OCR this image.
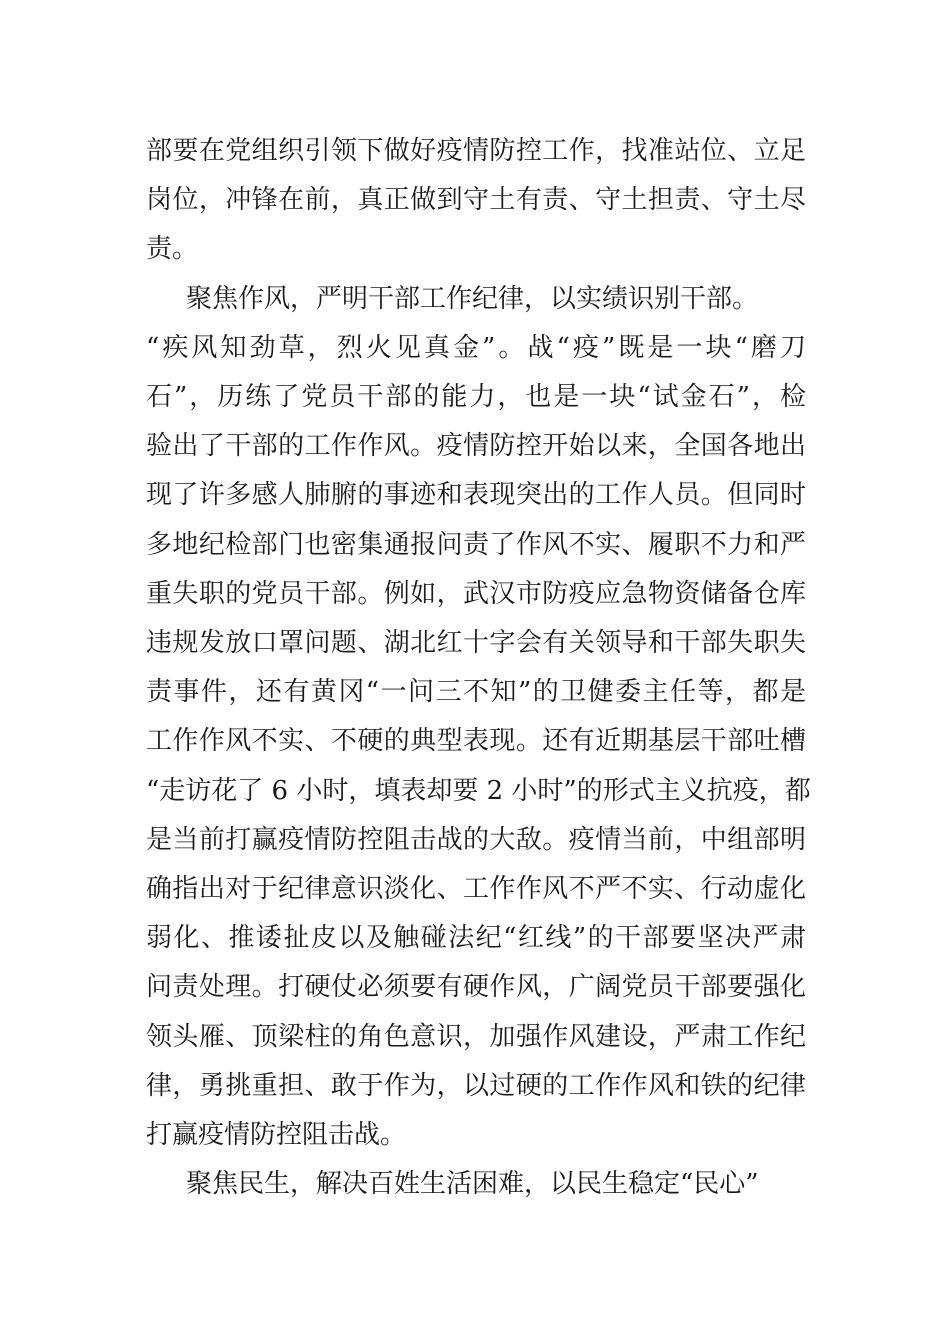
部要在党组织引领下做好疫情防控工作，找准站位、立足
岗位，冲锋在前，真正做到守土有责、守土担责、守土尽
责。

聚焦作风，严明干部工作纪律，以实绩识别干部。
“疾风知劲草，烈火见真金”。战“疫”既是一块“磨刀
石”，历练了党员干部的能力，也是一块“试金石”，检
验出了干部的工作作风。疫情防控开始以来，全国各地出
现了许多感人肺腑的事迹和表现突出的工作人员。但同时
多地纪检部门也密集通报问责了作风不实、履职不力和严
重失职的党员干部。例如，武汉市防疫应急物资储备仓库
违规发放口罩问题、湖北红十字会有关领导和干部失职失
责事件，还有黄冈“一问三不知”的卫健委主任等，都是
工作作风不实、不硬的典型表现。还有近期基层干部吐槽
“走访花了 6 小时，填表却要 2 小时”的形式主义抗疫，都
是当前打赢疫情防控阻击战的大敌。疫情当前，中组部明
确指出对于纪律意识淡化、工作作风不严不实、行动虚化
弱化、推诿扯皮以及触碰法纪“红线”的干部要坚决严肃
问责处理。打硬仗必须要有硬作风，广阔党员干部要强化
领头雁、顶梁柱的角色意识，加强作风建设，严肃工作纪
律，勇挑重担、敢于作为，以过硬的工作作风和铁的纪律
打赢疫情防控阻击战。

聚焦民生，解决百姓生活困难，以民生稳定“民心”
